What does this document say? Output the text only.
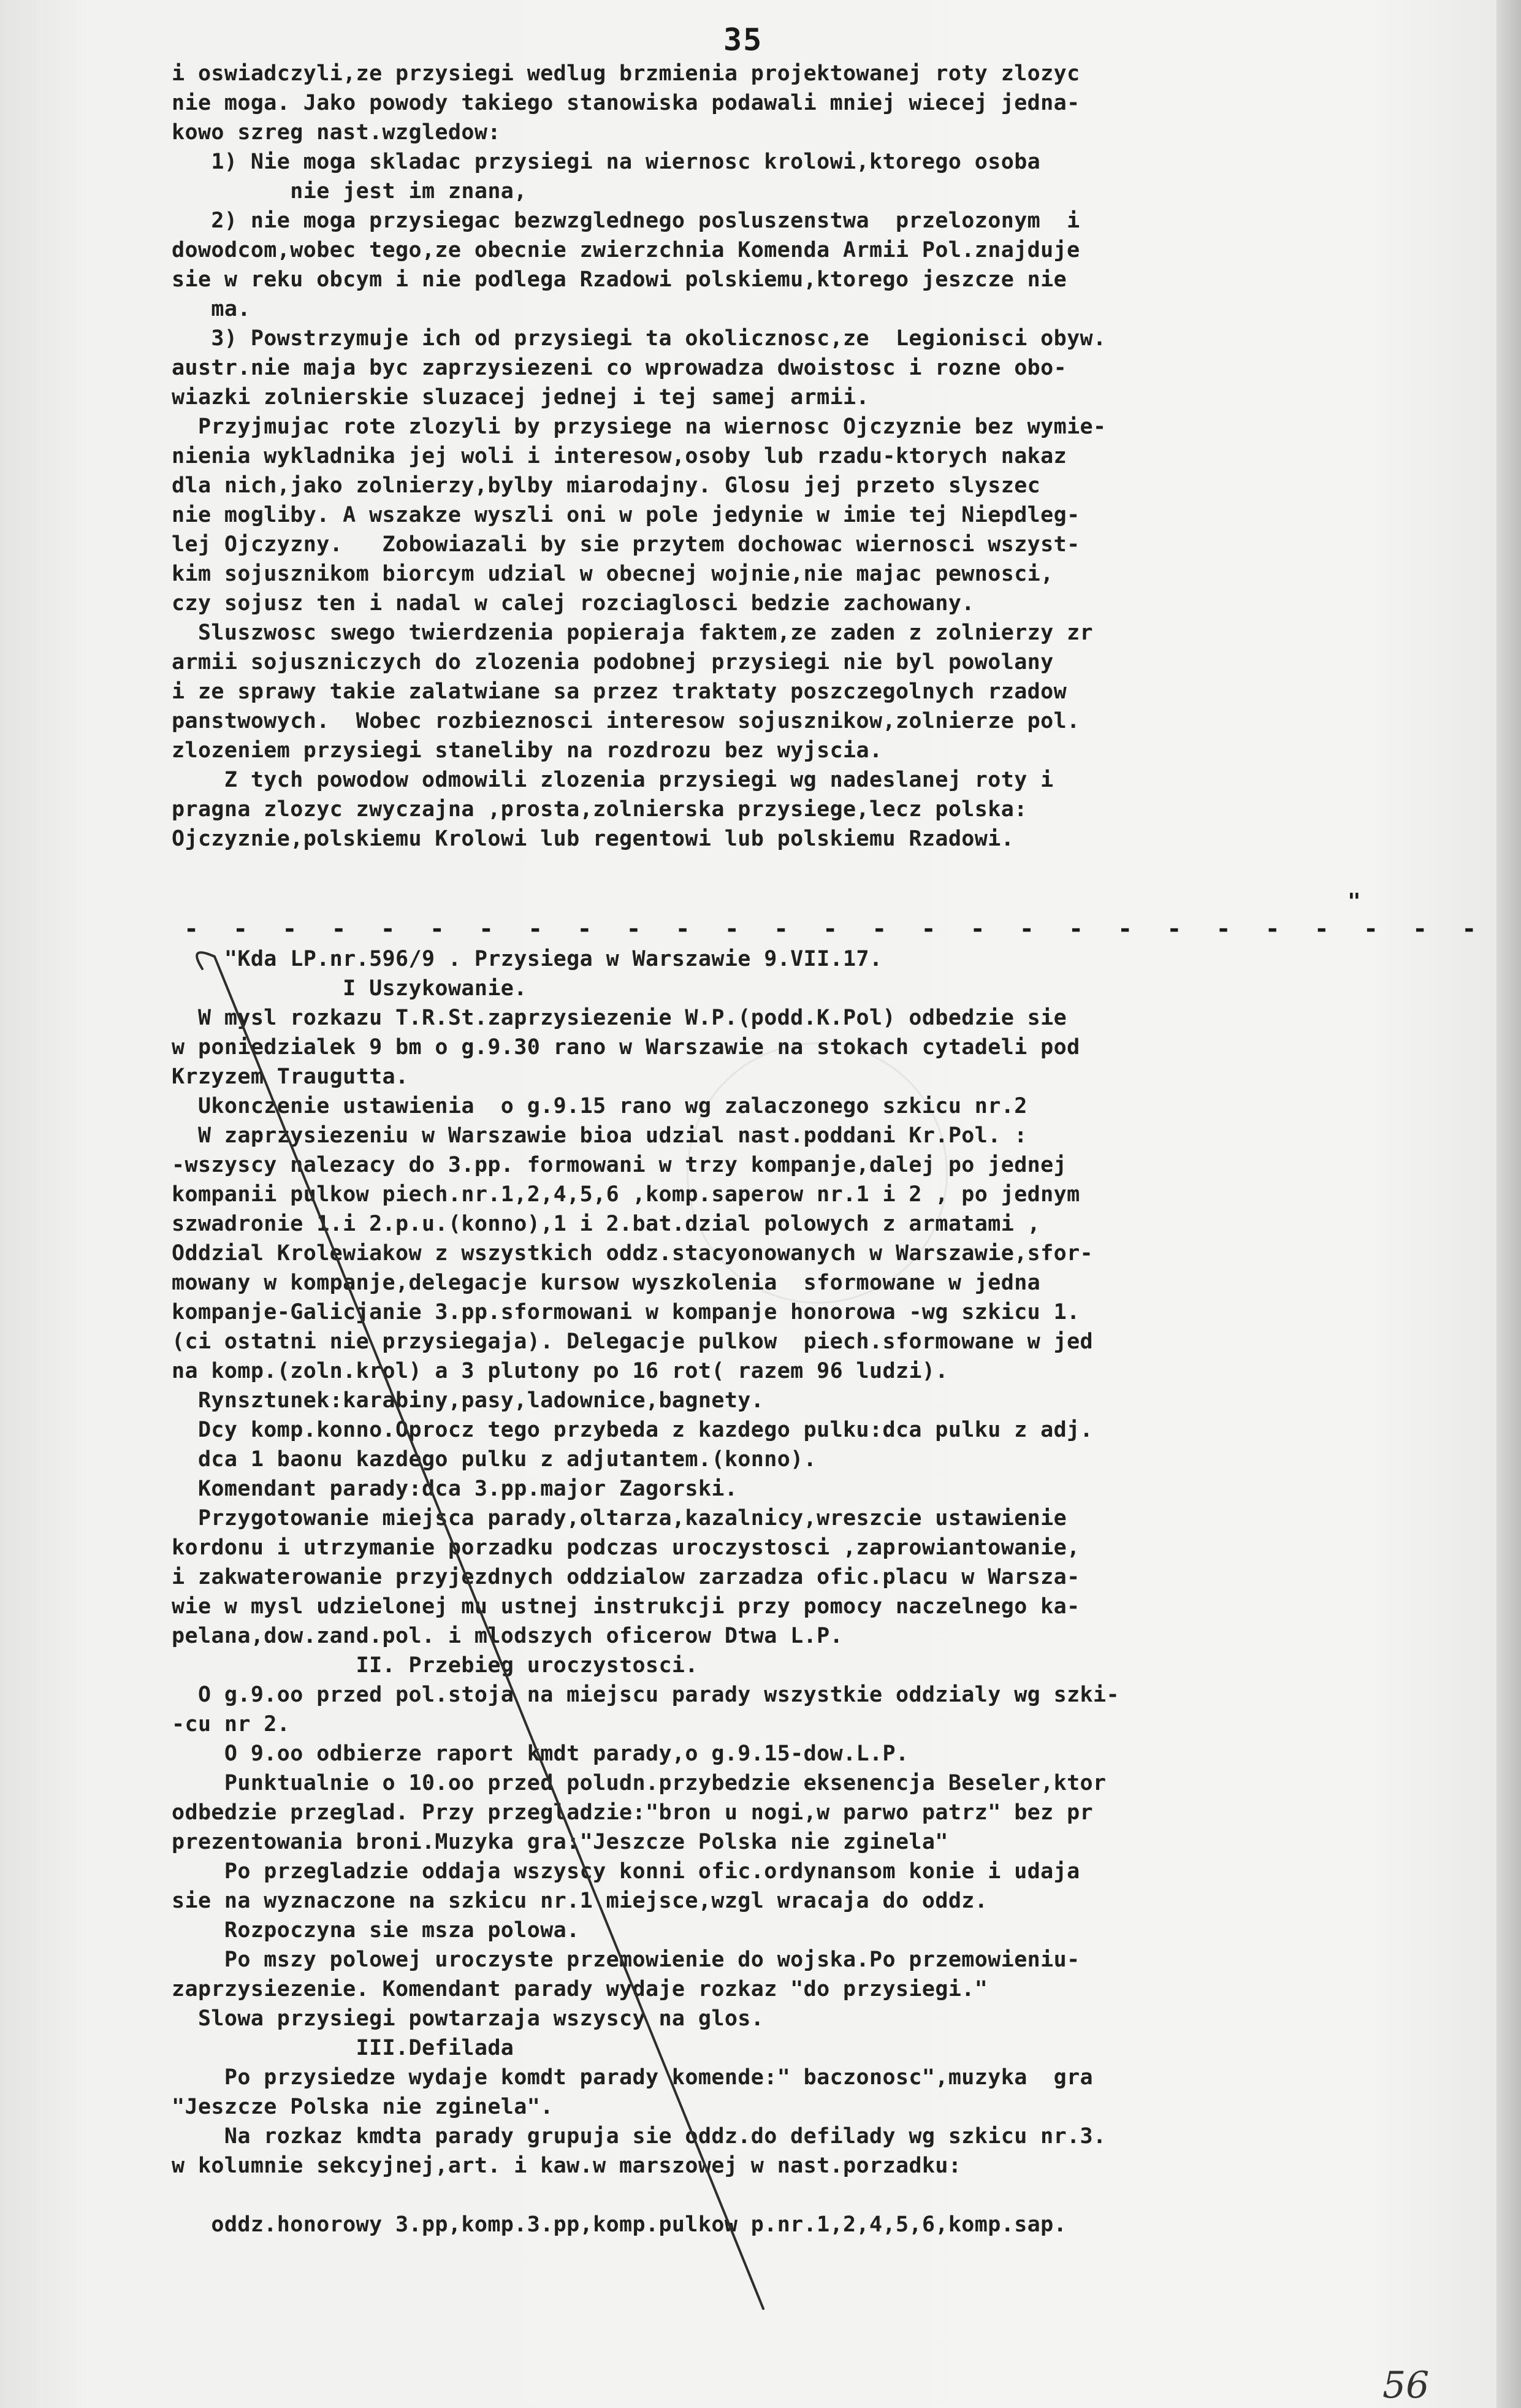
35
i oswiadczyli,ze przysiegi wedlug brzmienia projektowanej roty zlozyc
nie moga. Jako powody takiego stanowiska podawali mniej wiecej jedna-
kowo szreg nast.wzgledow:
1) Nie moga skladac przysiegi na wiernosc krolowi,ktorego osoba
nie jest im znana,
2) nie moga przysiegac bezwzglednego posluszenstwa  przelozonym  i
dowodcom,wobec tego,ze obecnie zwierzchnia Komenda Armii Pol.znajduje
sie w reku obcym i nie podlega Rzadowi polskiemu,ktorego jeszcze nie
ma.
3) Powstrzymuje ich od przysiegi ta okolicznosc,ze  Legionisci obyw.
austr.nie maja byc zaprzysiezeni co wprowadza dwoistosc i rozne obo-
wiazki zolnierskie sluzacej jednej i tej samej armii.
Przyjmujac rote zlozyli by przysiege na wiernosc Ojczyznie bez wymie-
nienia wykladnika jej woli i interesow,osoby lub rzadu-ktorych nakaz
dla nich,jako zolnierzy,bylby miarodajny. Glosu jej przeto slyszec
nie mogliby. A wszakze wyszli oni w pole jedynie w imie tej Niepdleg-
lej Ojczyzny.   Zobowiazali by sie przytem dochowac wiernosci wszyst-
kim sojusznikom biorcym udzial w obecnej wojnie,nie majac pewnosci,
czy sojusz ten i nadal w calej rozciaglosci bedzie zachowany.
Sluszwosc swego twierdzenia popieraja faktem,ze zaden z zolnierzy zr
armii sojuszniczych do zlozenia podobnej przysiegi nie byl powolany
i ze sprawy takie zalatwiane sa przez traktaty poszczegolnych rzadow
panstwowych.  Wobec rozbieznosci interesow sojusznikow,zolnierze pol.
zlozeniem przysiegi staneliby na rozdrozu bez wyjscia.
Z tych powodow odmowili zlozenia przysiegi wg nadeslanej roty i
pragna zlozyc zwyczajna ,prosta,zolnierska przysiege,lecz polska:
Ojczyznie,polskiemu Krolowi lub regentowi lub polskiemu Rzadowi.
"
- - - - - - - - - - - - - - - - - - - - - - - - - - -
"Kda LP.nr.596/9 . Przysiega w Warszawie 9.VII.17.
I Uszykowanie.
W mysl rozkazu T.R.St.zaprzysiezenie W.P.(podd.K.Pol) odbedzie sie
w poniedzialek 9 bm o g.9.30 rano w Warszawie na stokach cytadeli pod
Krzyzem Traugutta.
Ukonczenie ustawienia  o g.9.15 rano wg zalaczonego szkicu nr.2
W zaprzysiezeniu w Warszawie bioa udzial nast.poddani Kr.Pol. :
-wszyscy nalezacy do 3.pp. formowani w trzy kompanje,dalej po jednej
kompanii pulkow piech.nr.1,2,4,5,6 ,komp.saperow nr.1 i 2 , po jednym
szwadronie 1.i 2.p.u.(konno),1 i 2.bat.dzial polowych z armatami ,
Oddzial Krolewiakow z wszystkich oddz.stacyonowanych w Warszawie,sfor-
mowany w kompanje,delegacje kursow wyszkolenia  sformowane w jedna
kompanje-Galicjanie 3.pp.sformowani w kompanje honorowa -wg szkicu 1.
(ci ostatni nie przysiegaja). Delegacje pulkow  piech.sformowane w jed
na komp.(zoln.krol) a 3 plutony po 16 rot( razem 96 ludzi).
Rynsztunek:karabiny,pasy,ladownice,bagnety.
Dcy komp.konno.Oprocz tego przybeda z kazdego pulku:dca pulku z adj.
dca 1 baonu kazdego pulku z adjutantem.(konno).
Komendant parady:dca 3.pp.major Zagorski.
Przygotowanie miejsca parady,oltarza,kazalnicy,wreszcie ustawienie
kordonu i utrzymanie porzadku podczas uroczystosci ,zaprowiantowanie,
i zakwaterowanie przyjezdnych oddzialow zarzadza ofic.placu w Warsza-
wie w mysl udzielonej mu ustnej instrukcji przy pomocy naczelnego ka-
pelana,dow.zand.pol. i mlodszych oficerow Dtwa L.P.
II. Przebieg uroczystosci.
O g.9.oo przed pol.stoja na miejscu parady wszystkie oddzialy wg szki-
-cu nr 2.
O 9.oo odbierze raport kmdt parady,o g.9.15-dow.L.P.
Punktualnie o 10.oo przed poludn.przybedzie eksenencja Beseler,ktor
odbedzie przeglad. Przy przegladzie:"bron u nogi,w parwo patrz" bez pr
prezentowania broni.Muzyka gra:"Jeszcze Polska nie zginela"
Po przegladzie oddaja wszyscy konni ofic.ordynansom konie i udaja
sie na wyznaczone na szkicu nr.1 miejsce,wzgl wracaja do oddz.
Rozpoczyna sie msza polowa.
Po mszy polowej uroczyste przemowienie do wojska.Po przemowieniu-
zaprzysiezenie. Komendant parady wydaje rozkaz "do przysiegi."
Slowa przysiegi powtarzaja wszyscy na glos.
III.Defilada
Po przysiedze wydaje komdt parady komende:" baczonosc",muzyka  gra
"Jeszcze Polska nie zginela".
Na rozkaz kmdta parady grupuja sie oddz.do defilady wg szkicu nr.3.
w kolumnie sekcyjnej,art. i kaw.w marszowej w nast.porzadku:
oddz.honorowy 3.pp,komp.3.pp,komp.pulkow p.nr.1,2,4,5,6,komp.sap.
56
